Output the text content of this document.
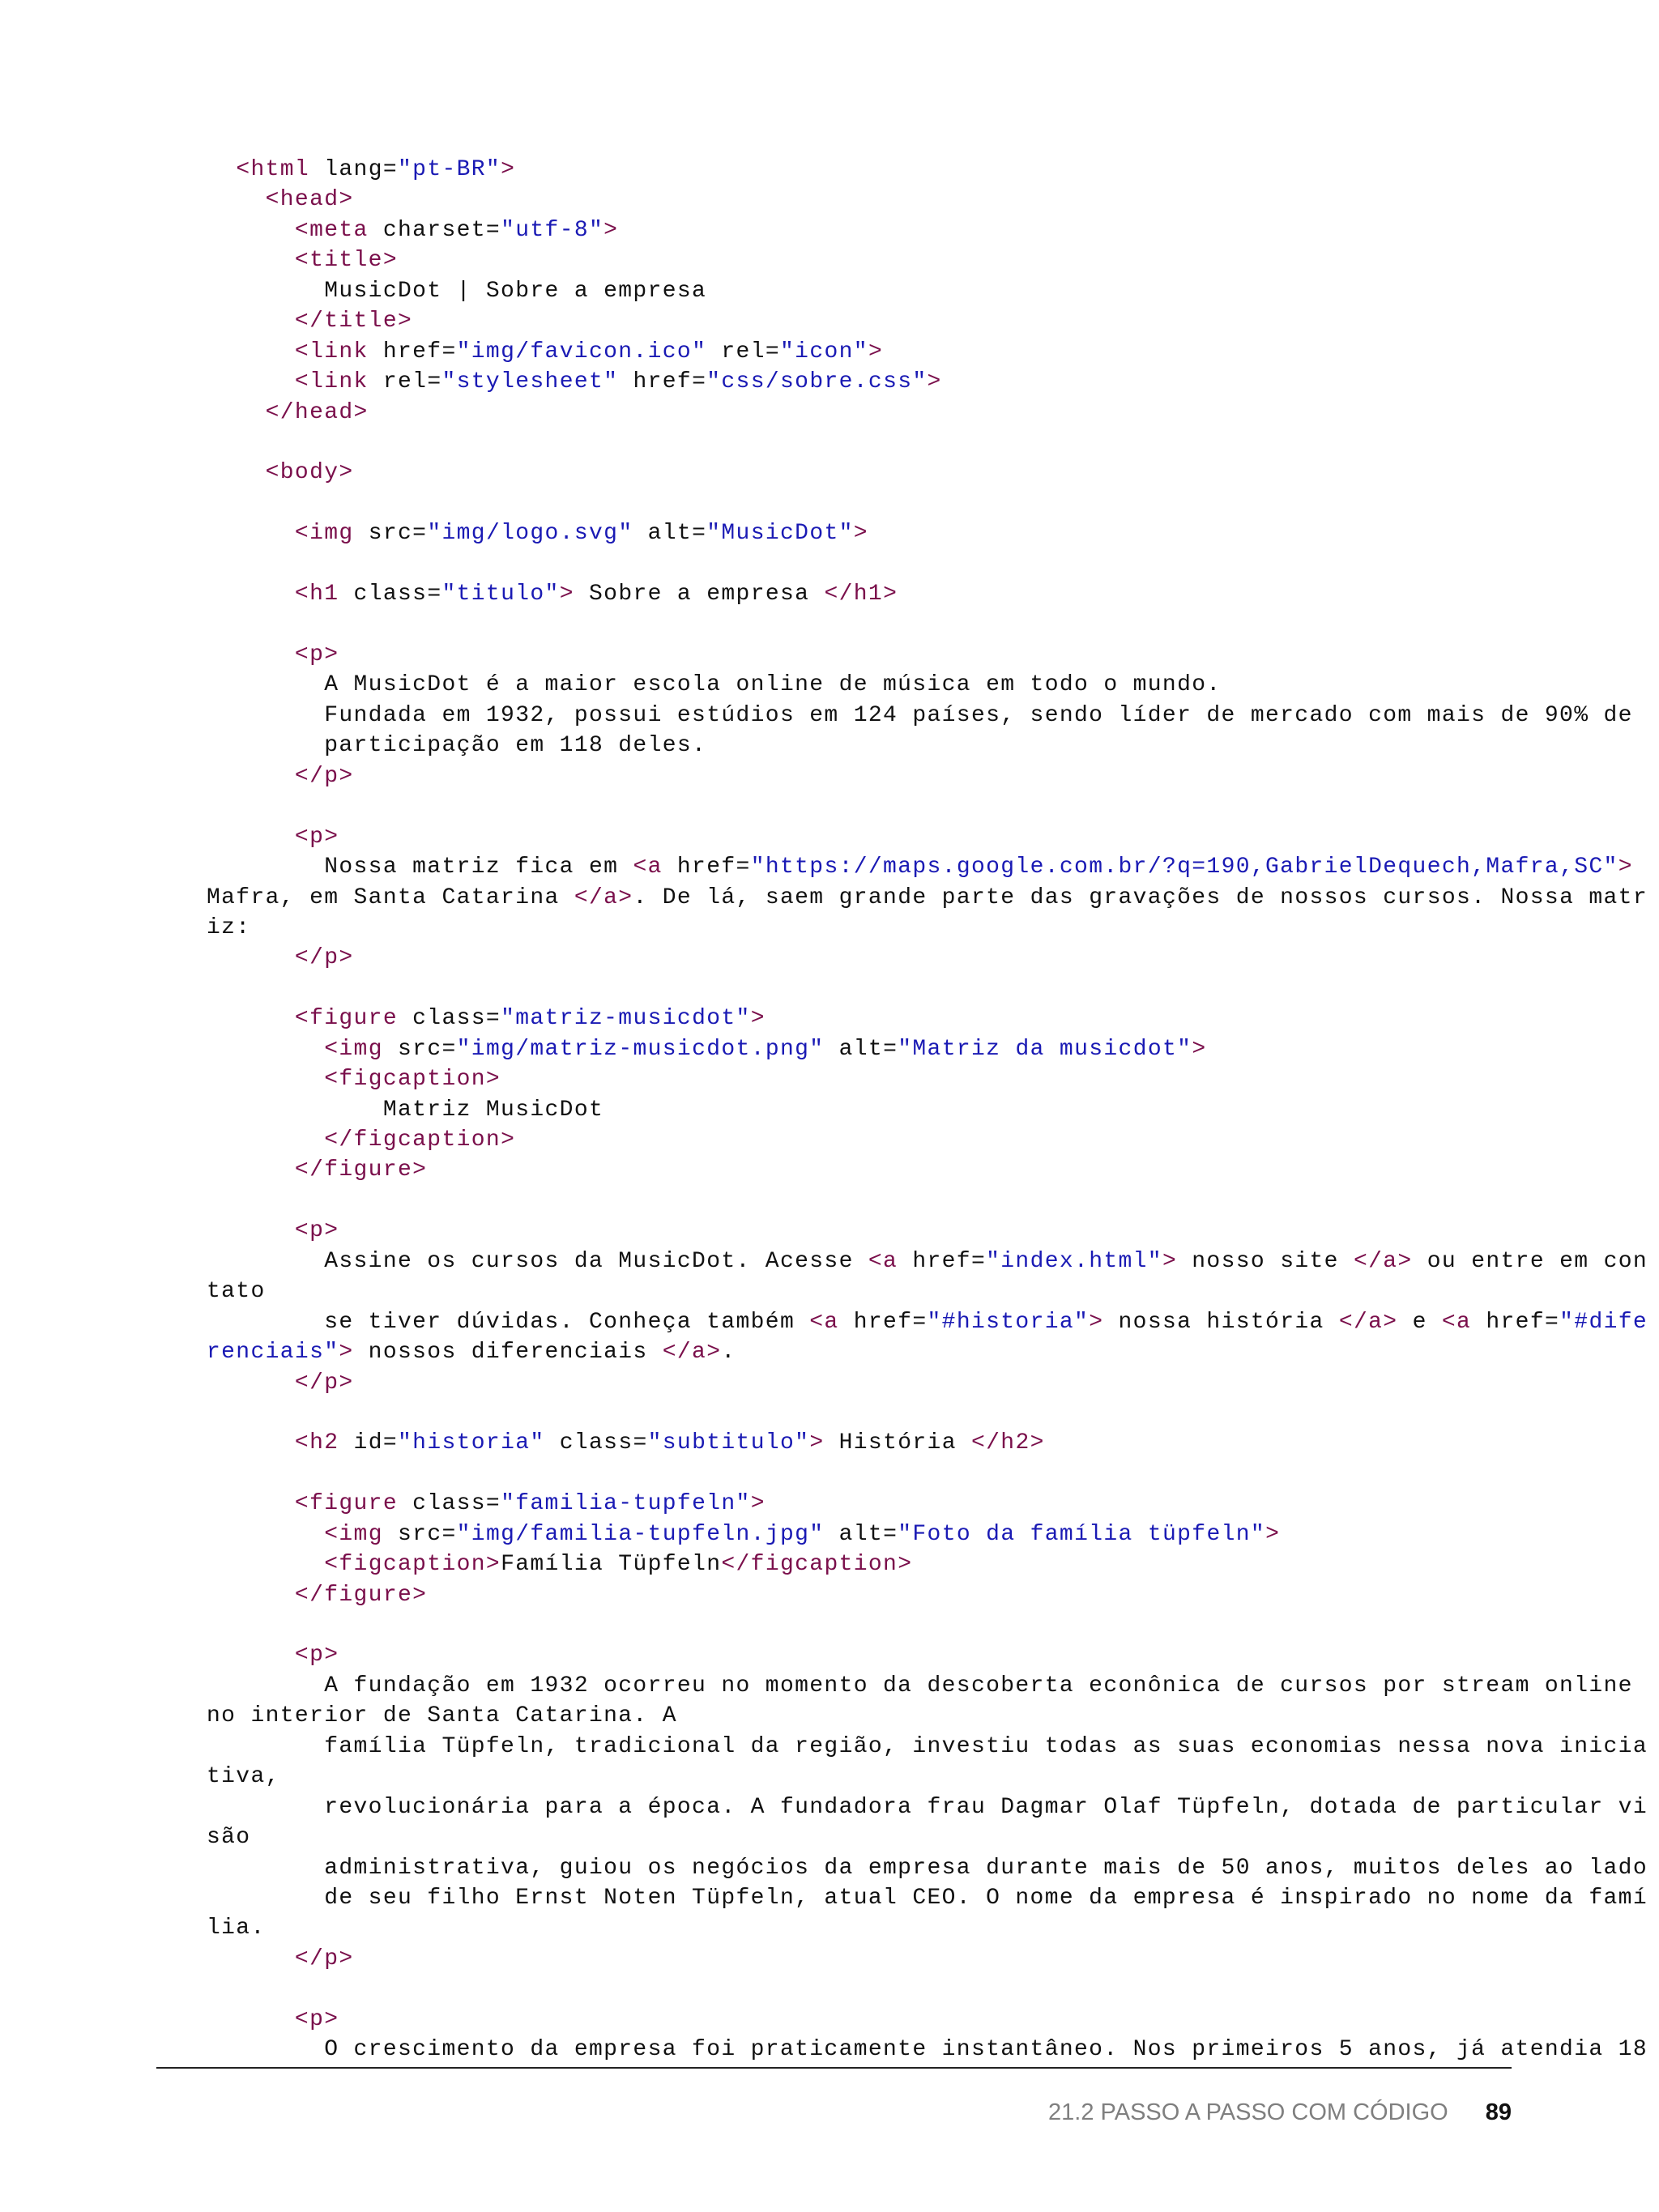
<html lang="pt-BR">
<head>
<meta charset="utf-8">
<title>
MusicDot | Sobre a empresa
</title>
<link href="img/favicon.ico" rel="icon">
<link rel="stylesheet" href="css/sobre.css">
</head>
<body>
<img src="img/logo.svg" alt="MusicDot">
<h1 class="titulo"> Sobre a empresa </h1>
<p>
A MusicDot é a maior escola online de música em todo o mundo.
Fundada em 1932, possui estúdios em 124 países, sendo líder de mercado com mais de 90% de
participação em 118 deles.
</p>
<p>
Nossa matriz fica em <a href="https://maps.google.com.br/?q=190,GabrielDequech,Mafra,SC">
Mafra, em Santa Catarina </a>. De lá, saem grande parte das gravações de nossos cursos. Nossa matr
iz:
</p>
<figure class="matriz-musicdot">
<img src="img/matriz-musicdot.png" alt="Matriz da musicdot">
<figcaption>
Matriz MusicDot
</figcaption>
</figure>
<p>
Assine os cursos da MusicDot. Acesse <a href="index.html"> nosso site </a> ou entre em con
tato
se tiver dúvidas. Conheça também <a href="#historia"> nossa história </a> e <a href="#dife
renciais"> nossos diferenciais </a>.
</p>
<h2 id="historia" class="subtitulo"> História </h2>
<figure class="familia-tupfeln">
<img src="img/familia-tupfeln.jpg" alt="Foto da família tüpfeln">
<figcaption>Família Tüpfeln</figcaption>
</figure>
<p>
A fundação em 1932 ocorreu no momento da descoberta econônica de cursos por stream online
no interior de Santa Catarina. A
família Tüpfeln, tradicional da região, investiu todas as suas economias nessa nova inicia
tiva,
revolucionária para a época. A fundadora frau Dagmar Olaf Tüpfeln, dotada de particular vi
são
administrativa, guiou os negócios da empresa durante mais de 50 anos, muitos deles ao lado
de seu filho Ernst Noten Tüpfeln, atual CEO. O nome da empresa é inspirado no nome da famí
lia.
</p>
<p>
O crescimento da empresa foi praticamente instantâneo. Nos primeiros 5 anos, já atendia 18
21.2 PASSO A PASSO COM CÓDIGO 89
